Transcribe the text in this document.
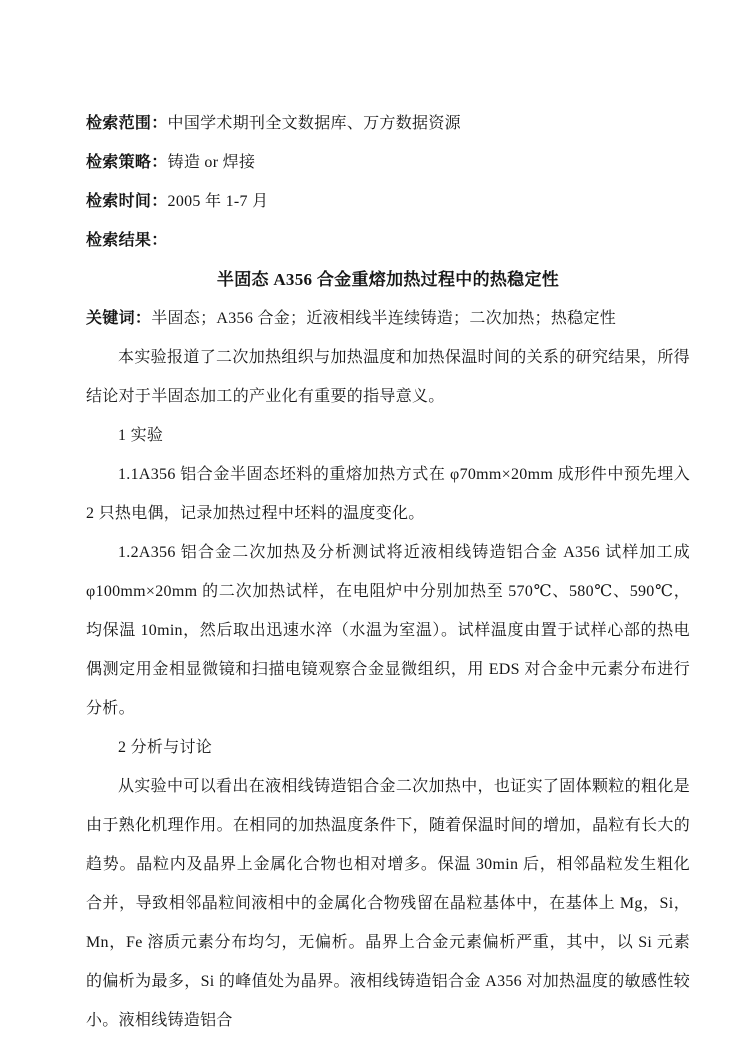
检索范围：中国学术期刊全文数据库、万方数据资源
检索策略：铸造 or 焊接
检索时间：2005 年 1-7 月
检索结果：
半固态 A356 合金重熔加热过程中的热稳定性
关键词：半固态；A356 合金；近液相线半连续铸造；二次加热；热稳定性

本实验报道了二次加热组织与加热温度和加热保温时间的关系的研究结果，所得结论对于半固态加工的产业化有重要的指导意义。

1 实验

1.1A356 铝合金半固态坯料的重熔加热方式在 φ70mm×20mm 成形件中预先埋入 2 只热电偶，记录加热过程中坯料的温度变化。

1.2A356 铝合金二次加热及分析测试将近液相线铸造铝合金 A356 试样加工成 φ100mm×20mm 的二次加热试样，在电阻炉中分别加热至 570℃、580℃、590℃，均保温 10min，然后取出迅速水淬（水温为室温）。试样温度由置于试样心部的热电偶测定用金相显微镜和扫描电镜观察合金显微组织，用 EDS 对合金中元素分布进行分析。

2 分析与讨论

从实验中可以看出在液相线铸造铝合金二次加热中，也证实了固体颗粒的粗化是由于熟化机理作用。在相同的加热温度条件下，随着保温时间的增加，晶粒有长大的趋势。晶粒内及晶界上金属化合物也相对增多。保温 30min 后，相邻晶粒发生粗化合并，导致相邻晶粒间液相中的金属化合物残留在晶粒基体中，在基体上 Mg，Si，Mn，Fe 溶质元素分布均匀，无偏析。晶界上合金元素偏析严重，其中，以 Si 元素的偏析为最多，Si 的峰值处为晶界。液相线铸造铝合金 A356 对加热温度的敏感性较小。液相线铸造铝合
